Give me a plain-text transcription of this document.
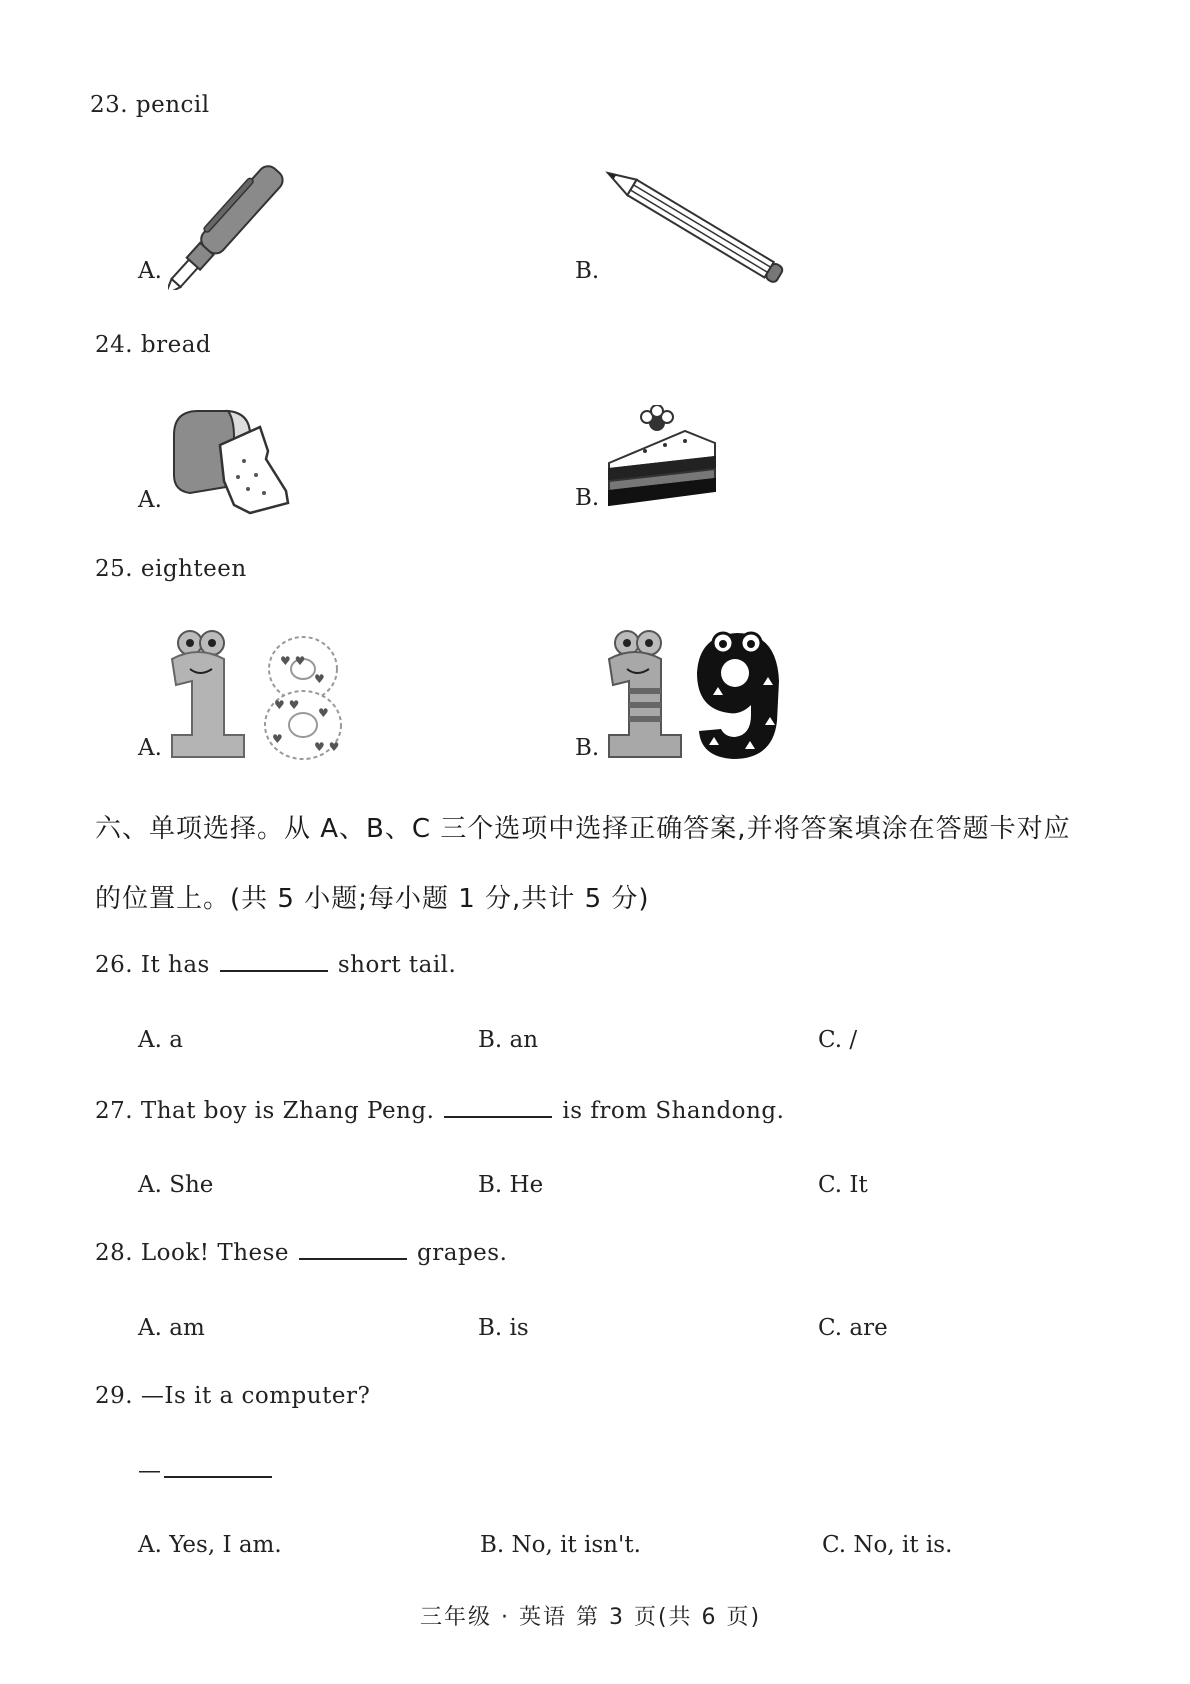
23. pencil
A.	B.
24. bread
A.	B.
25. eighteen
A.
♥ ♥
♥
♥ ♥
♥
♥
♥ ♥	B.
六、单项选择。从 A、B、C 三个选项中选择正确答案,并将答案填涂在答题卡对应
的位置上。(共 5 小题;每小题 1 分,共计 5 分)
26. It has	short tail.
A. a	B. an	C. /
27. That boy is Zhang Peng.	is from Shandong.
A. She	B. He	C. It
28. Look! These	grapes.
A. am	B. is	C. are
29. —Is it a computer?
—
A. Yes, I am.	B. No, it isn't.	C. No, it is.
三年级 · 英语 第 3 页(共 6 页)
